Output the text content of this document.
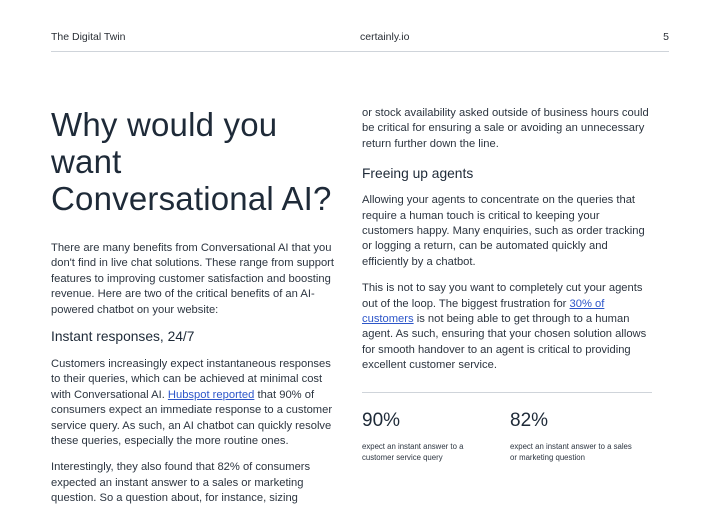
The Digital Twin	certainly.io	5
Why would you want
Conversational AI?

There are many benefits from Conversational AI that you don't find in live chat solutions. These range from support features to improving customer satisfaction and boosting revenue. Here are two of the critical benefits of an AI-powered chatbot on your website:

Instant responses, 24/7

Customers increasingly expect instantaneous responses to their queries, which can be achieved at minimal cost with Conversational AI. Hubspot reported that 90% of consumers expect an immediate response to a customer service query. As such, an AI chatbot can quickly resolve these queries, especially the more routine ones.

Interestingly, they also found that 82% of consumers expected an instant answer to a sales or marketing question. So a question about, for instance, sizing

or stock availability asked outside of business hours could be critical for ensuring a sale or avoiding an unnecessary return further down the line.

Freeing up agents

Allowing your agents to concentrate on the queries that require a human touch is critical to keeping your customers happy. Many enquiries, such as order tracking or logging a return, can be automated quickly and efficiently by a chatbot.

This is not to say you want to completely cut your agents out of the loop. The biggest frustration for 30% of customers is not being able to get through to a human agent. As such, ensuring that your chosen solution allows for smooth handover to an agent is critical to providing excellent customer service.

90%
expect an instant answer to a customer service query
82%
expect an instant answer to a sales or marketing question
